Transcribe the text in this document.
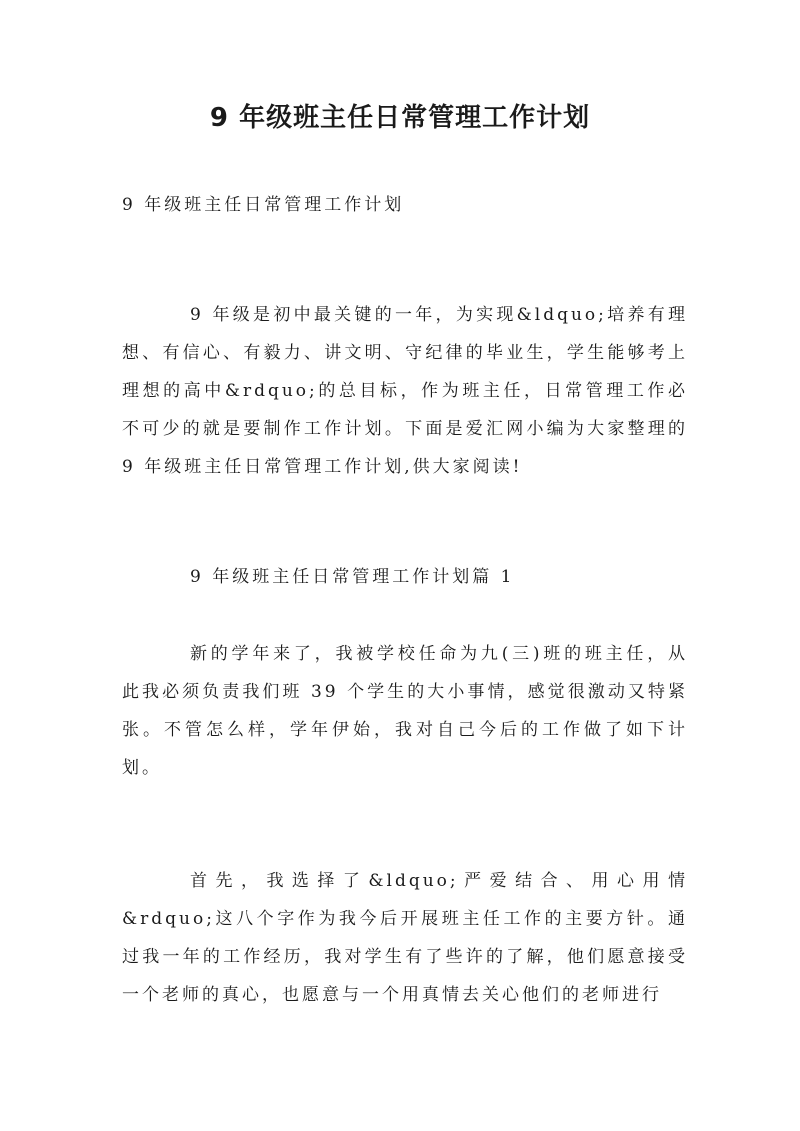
9 年级班主任日常管理工作计划
9 年级班主任日常管理工作计划

9 年级是初中最关键的一年，为实现&ldquo;培养有理想、有信心、有毅力、讲文明、守纪律的毕业生，学生能够考上理想的高中&rdquo;的总目标，作为班主任，日常管理工作必不可少的就是要制作工作计划。下面是爱汇网小编为大家整理的 9 年级班主任日常管理工作计划,供大家阅读!

9 年级班主任日常管理工作计划篇 1

新的学年来了，我被学校任命为九(三)班的班主任，从此我必须负责我们班 39 个学生的大小事情，感觉很激动又特紧张。不管怎么样，学年伊始，我对自己今后的工作做了如下计划。

首先，我选择了&ldquo;严爱结合、用心用情&rdquo;这八个字作为我今后开展班主任工作的主要方针。通过我一年的工作经历，我对学生有了些许的了解，他们愿意接受一个老师的真心，也愿意与一个用真情去关心他们的老师进行
